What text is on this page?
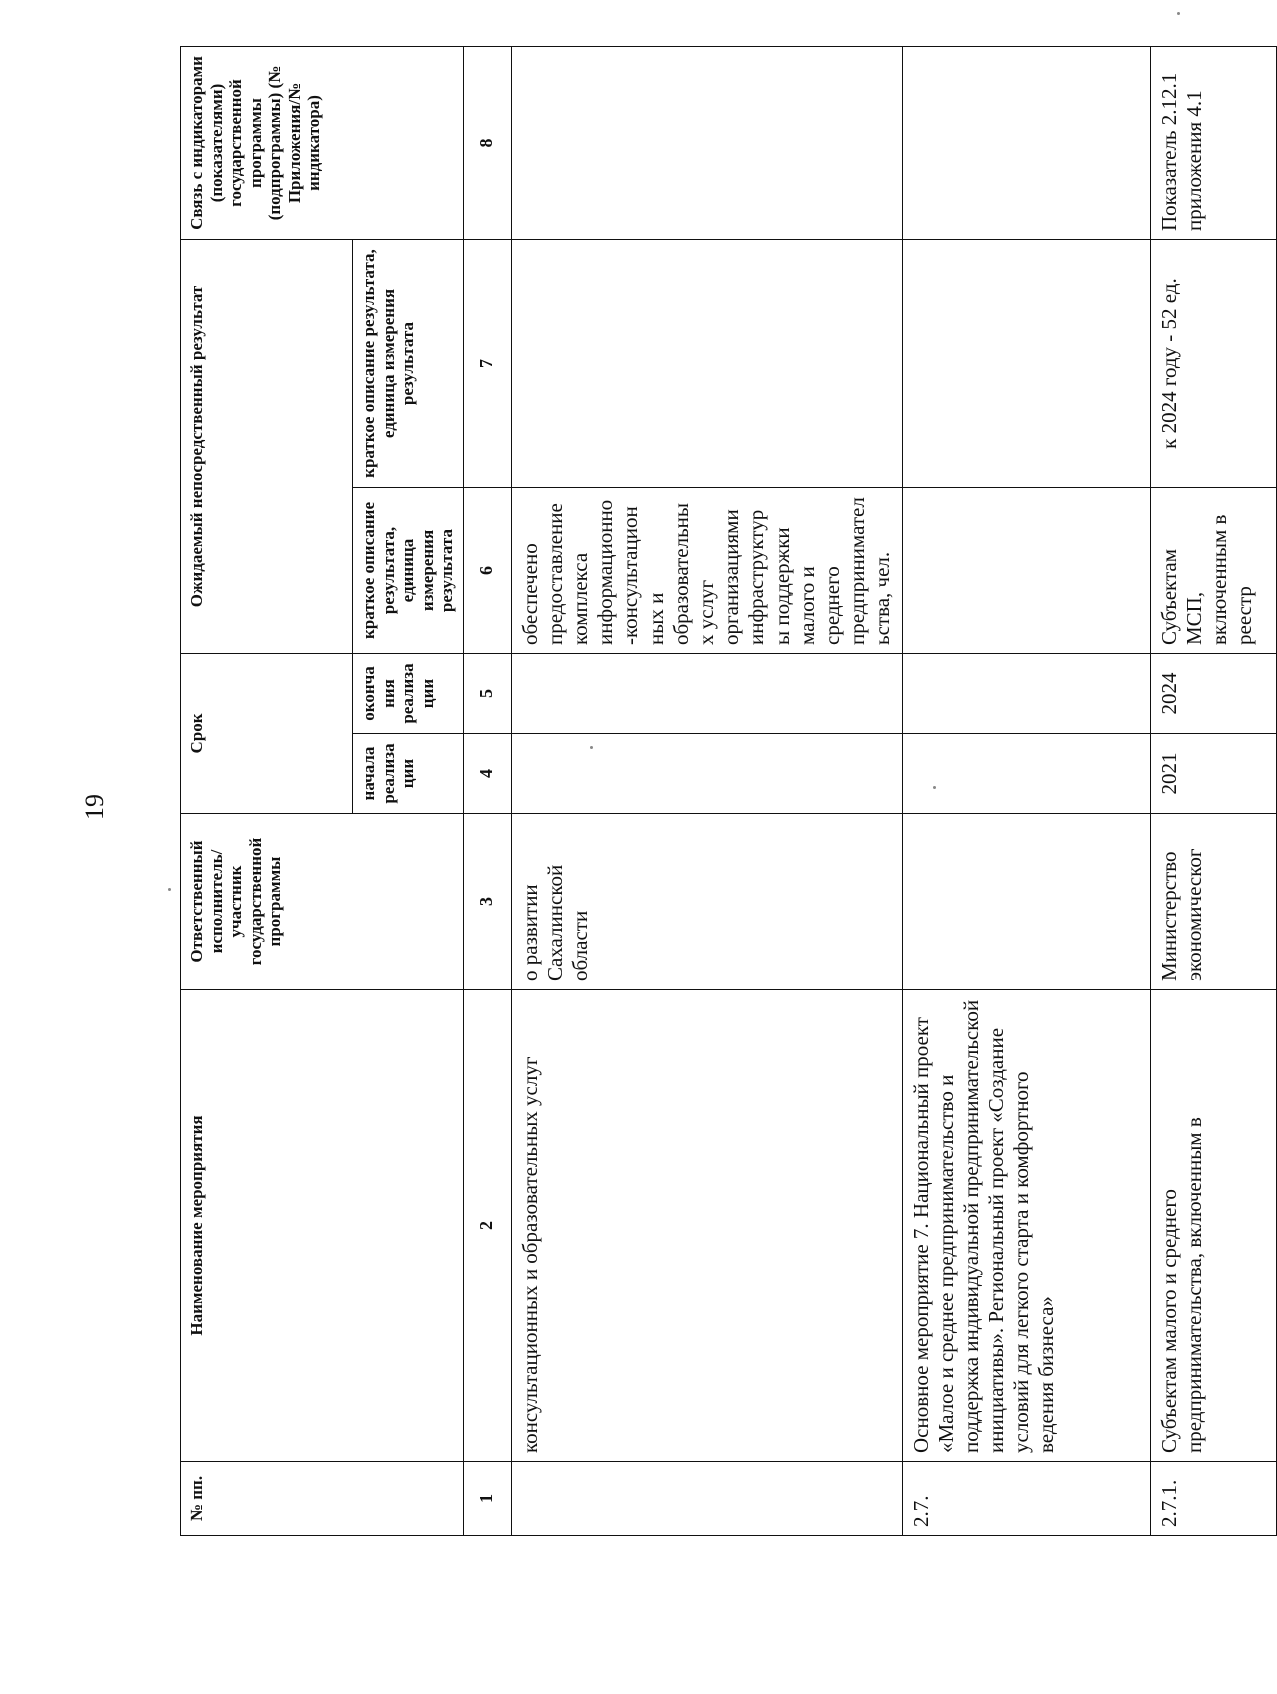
19
№ пп.	Наименование мероприятия	Ответственный исполнитель/участник государственной программы	Срок		Ожидаемый непосредственный результат		Связь с индикаторами (показателями) государственной программы (подпрограммы) (№ Приложения/№ индикатора)
			начала реализации	окончания реализации	краткое описание результата, единица измерения результата	краткое описание результата, единица измерения результата	
1	2	3	4	5	6	7	8
	консультационных и образовательных услуг	о развитии Сахалинской области			обеспечено предоставление комплекса информационно-консультационных и образовательных услуг организациями инфраструктуры поддержки малого и среднего предпринимательства, чел.		
2.7.	Основное мероприятие 7. Национальный проект «Малое и среднее предпринимательство и поддержка индивидуальной предпринимательской инициативы». Региональный проект «Создание условий для легкого старта и комфортного ведения бизнеса»						
2.7.1.	Субъектам малого и среднего предпринимательства, включенным в	Министерство экономическог	2021	2024	Субъектам МСП, включенным в реестр	к 2024 году - 52 ед.	Показатель 2.12.1 приложения 4.1
